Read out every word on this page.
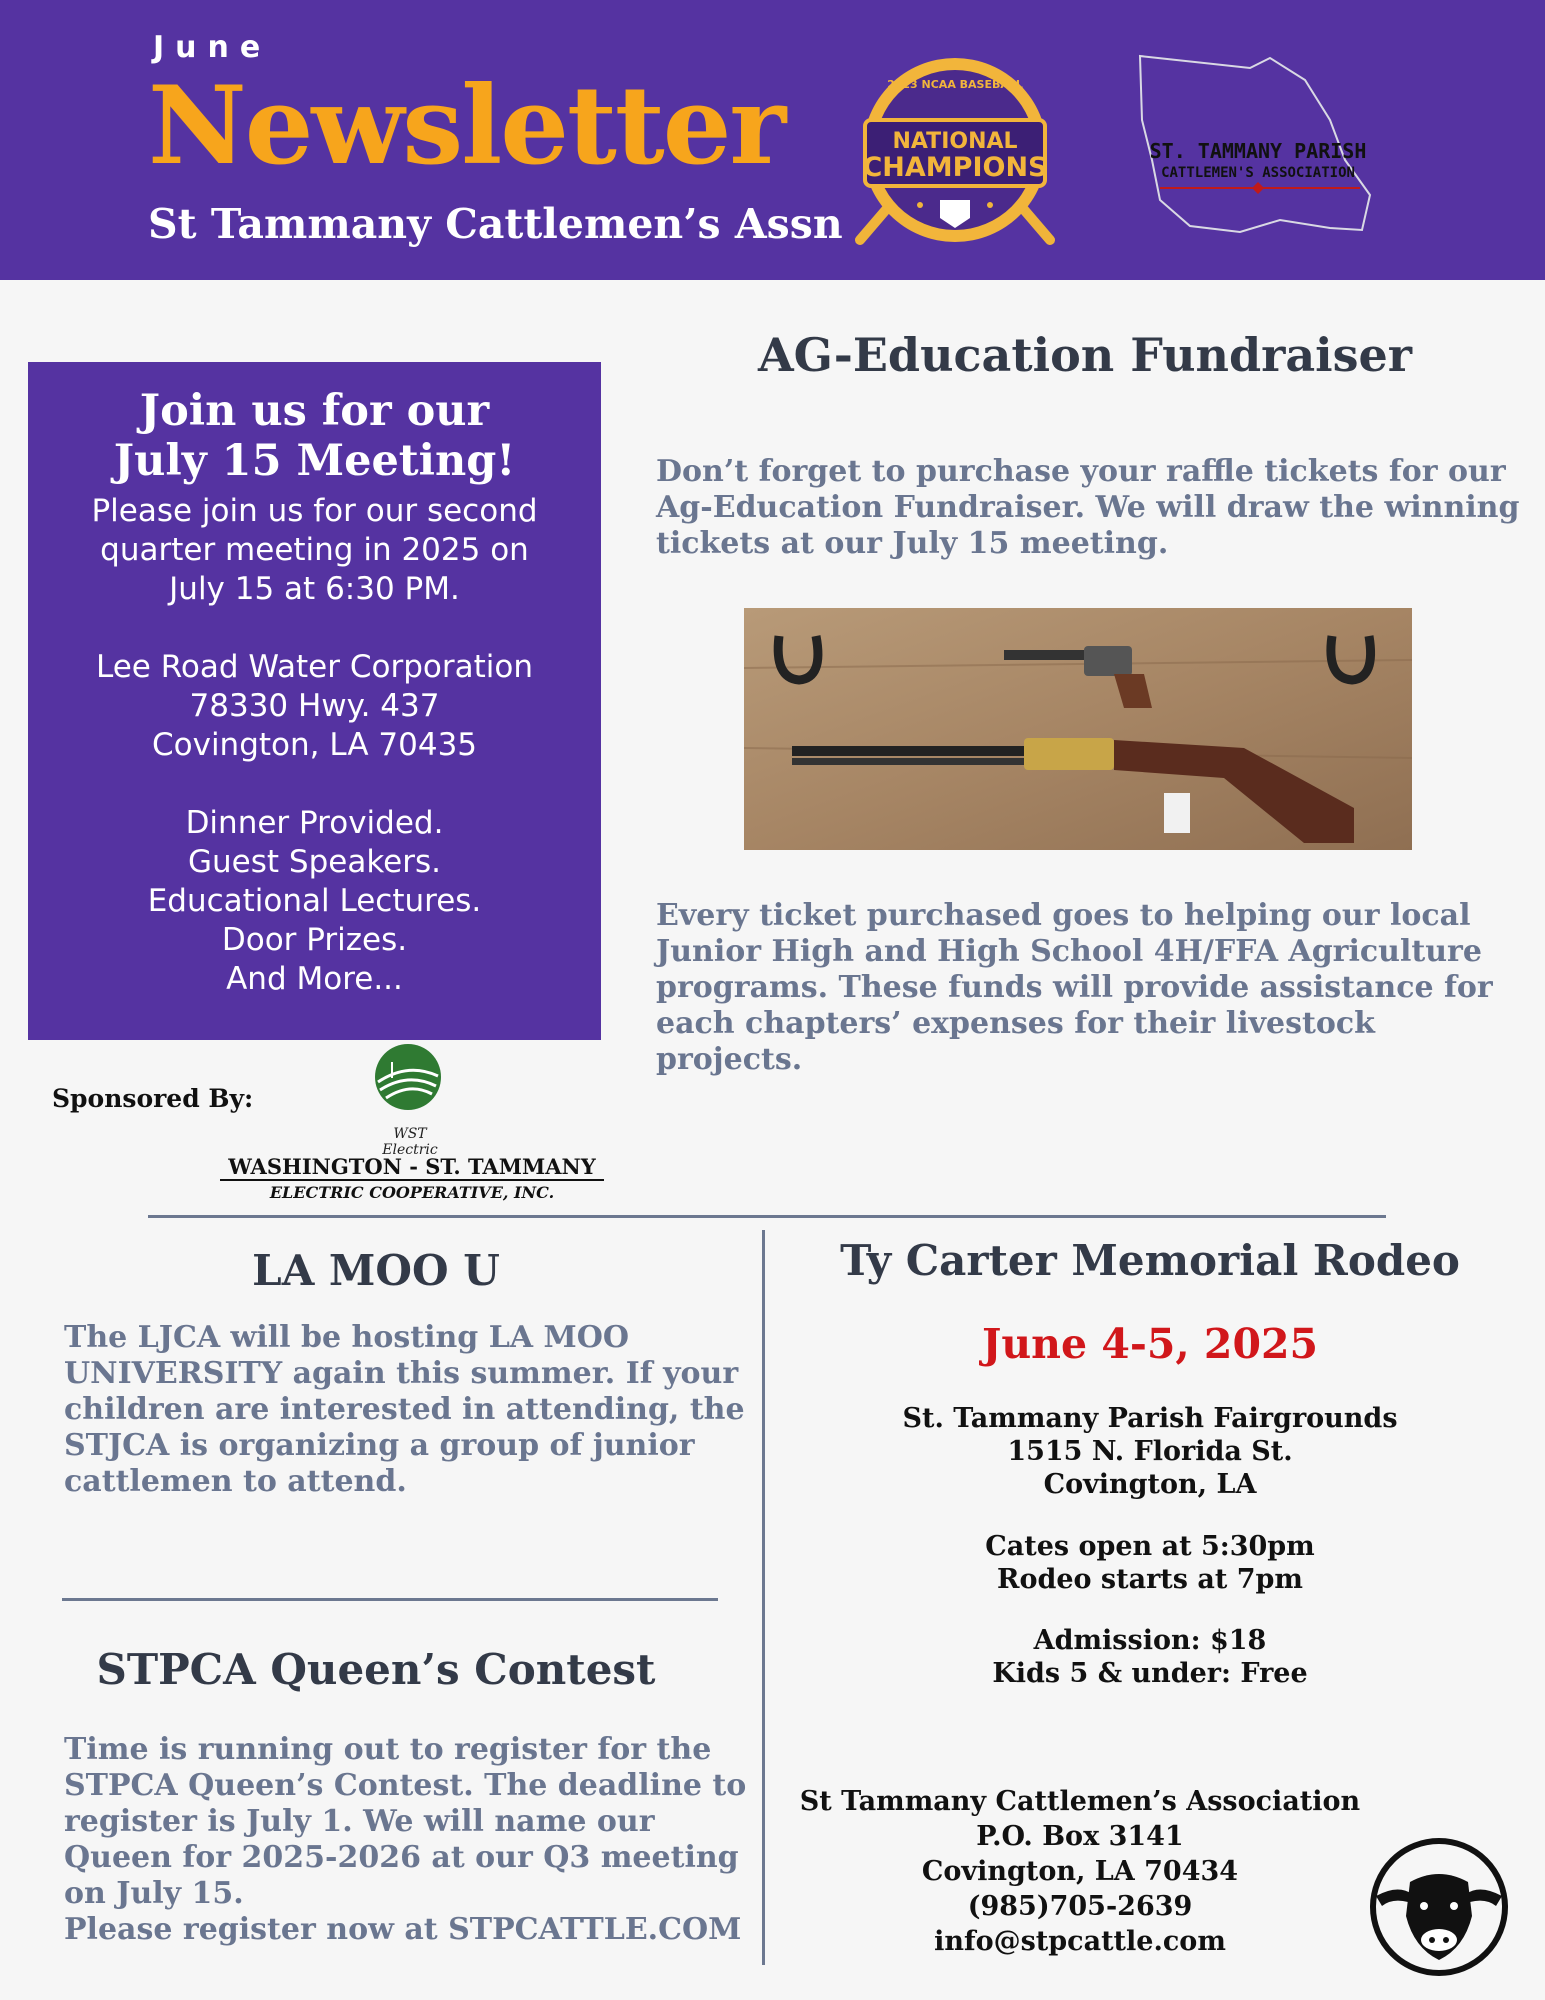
June
Newsletter
St Tammany Cattlemen’s Assn
2023 NCAA BASEBALL
NATIONAL
CHAMPIONS
ST. TAMMANY PARISH
CATTLEMEN'S ASSOCIATION
Join us for our
July 15 Meeting!
Please join us for our second
quarter meeting in 2025 on
July 15 at 6:30 PM.
Lee Road Water Corporation
78330 Hwy. 437
Covington, LA 70435
Dinner Provided.
Guest Speakers.
Educational Lectures.
Door Prizes.
And More...
Sponsored By:
WST Electric
WASHINGTON - ST. TAMMANY
ELECTRIC COOPERATIVE, INC.
AG-Education Fundraiser
Don’t forget to purchase your raffle tickets for our
Ag-Education Fundraiser. We will draw the winning
tickets at our July 15 meeting.
Every ticket purchased goes to helping our local
Junior High and High School 4H/FFA Agriculture
programs. These funds will provide assistance for
each chapters’ expenses for their livestock
projects.
LA MOO U
The LJCA will be hosting LA MOO
UNIVERSITY again this summer. If your
children are interested in attending, the
STJCA is organizing a group of junior
cattlemen to attend.
STPCA Queen’s Contest
Time is running out to register for the
STPCA Queen’s Contest. The deadline to
register is July 1. We will name our
Queen for 2025-2026 at our Q3 meeting
on July 15.
Please register now at STPCATTLE.COM
Ty Carter Memorial Rodeo
June 4-5, 2025
St. Tammany Parish Fairgrounds
1515 N. Florida St.
Covington, LA
Cates open at 5:30pm
Rodeo starts at 7pm
Admission: $18
Kids 5 & under: Free
St Tammany Cattlemen’s Association
P.O. Box 3141
Covington, LA 70434
(985)705-2639
info@stpcattle.com
